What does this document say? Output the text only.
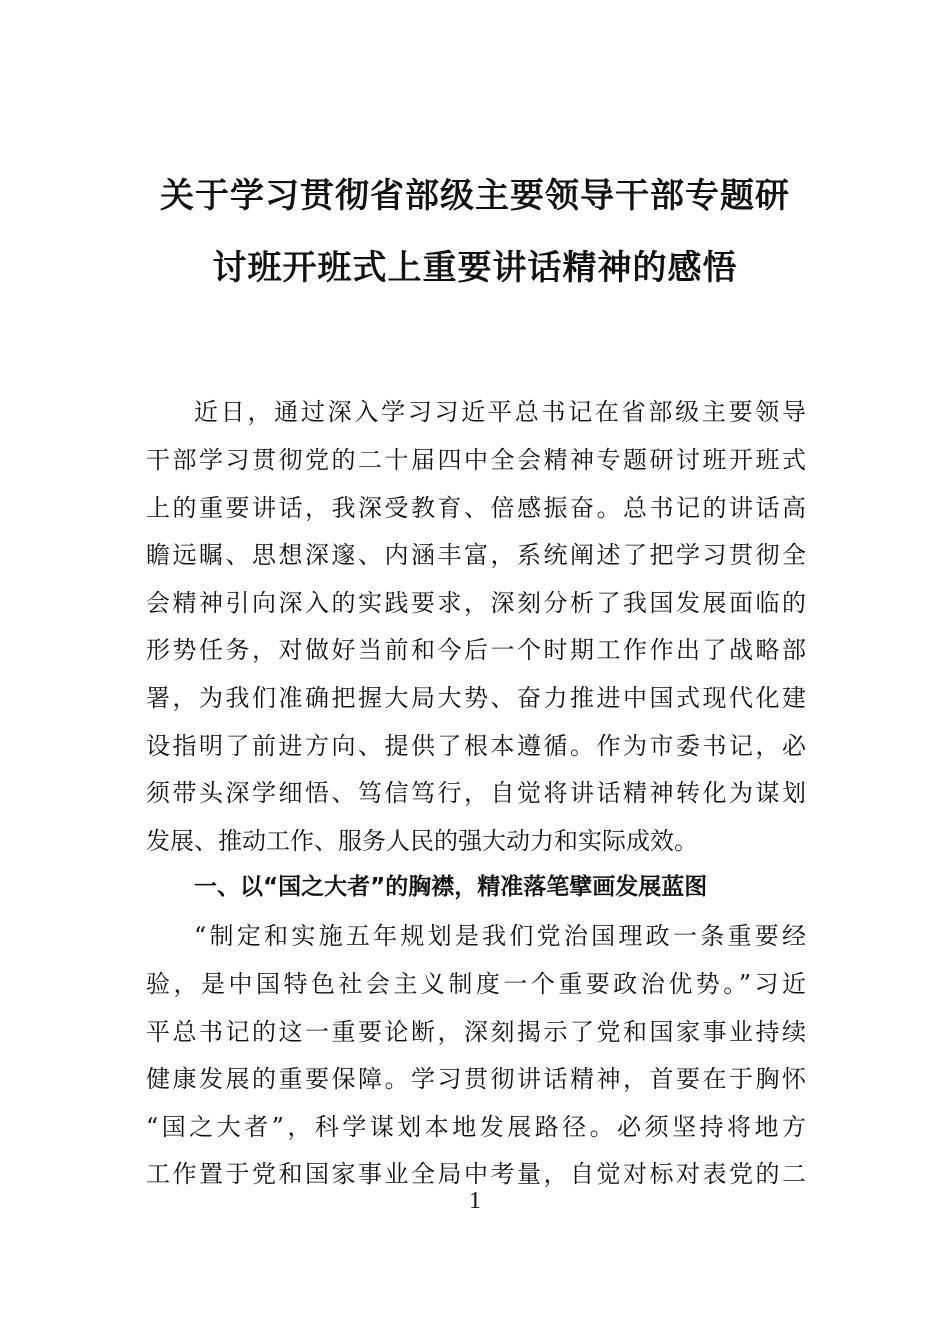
关于学习贯彻省部级主要领导干部专题研
讨班开班式上重要讲话精神的感悟
近日，通过深入学习习近平总书记在省部级主要领导
干部学习贯彻党的二十届四中全会精神专题研讨班开班式
上的重要讲话，我深受教育、倍感振奋。总书记的讲话高
瞻远瞩、思想深邃、内涵丰富，系统阐述了把学习贯彻全
会精神引向深入的实践要求，深刻分析了我国发展面临的
形势任务，对做好当前和今后一个时期工作作出了战略部
署，为我们准确把握大局大势、奋力推进中国式现代化建
设指明了前进方向、提供了根本遵循。作为市委书记，必
须带头深学细悟、笃信笃行，自觉将讲话精神转化为谋划
发展、推动工作、服务人民的强大动力和实际成效。
一、以“国之大者”的胸襟，精准落笔擘画发展蓝图
“制定和实施五年规划是我们党治国理政一条重要经
验，是中国特色社会主义制度一个重要政治优势。”习近
平总书记的这一重要论断，深刻揭示了党和国家事业持续
健康发展的重要保障。学习贯彻讲话精神，首要在于胸怀
“国之大者”，科学谋划本地发展路径。必须坚持将地方
工作置于党和国家事业全局中考量，自觉对标对表党的二
1
